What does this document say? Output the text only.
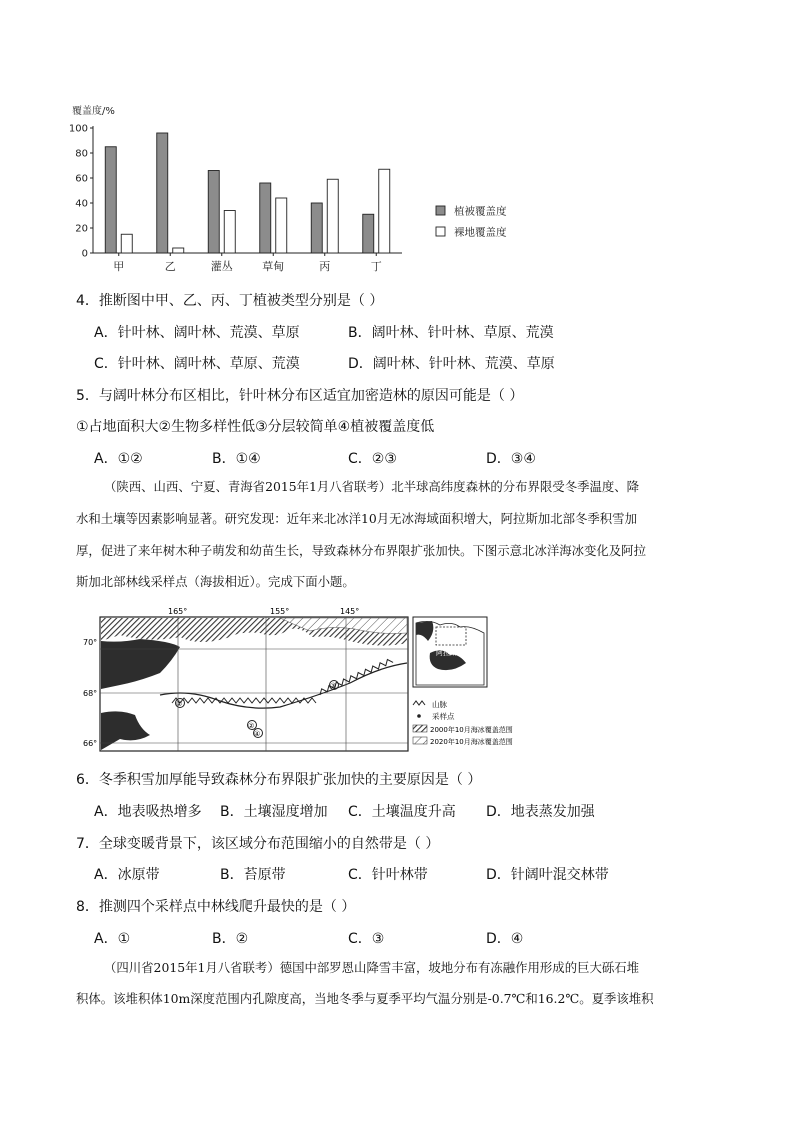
覆盖度/%
0
20
40
60
80
100
甲	乙	灌丛	草甸	丙	丁
植被覆盖度
裸地覆盖度
4．推断图中甲、乙、丙、丁植被类型分别是（ ）
A．针叶林、阔叶林、荒漠、草原	B．阔叶林、针叶林、草原、荒漠
C．针叶林、阔叶林、草原、荒漠	D．阔叶林、针叶林、荒漠、草原
5．与阔叶林分布区相比，针叶林分布区适宜加密造林的原因可能是（ ）
①占地面积大②生物多样性低③分层较简单④植被覆盖度低
A．①②	B．①④	C．②③	D．③④
（陕西、山西、宁夏、青海省2015年1月八省联考）北半球高纬度森林的分布界限受冬季温度、降
水和土壤等因素影响显著。研究发现：近年来北冰洋10月无冰海域面积增大，阿拉斯加北部冬季积雪加
厚，促进了来年树木种子萌发和幼苗生长，导致森林分布界限扩张加快。下图示意北冰洋海冰变化及阿拉
斯加北部林线采样点（海拔相近）。完成下面小题。
165°	155°	145°
①
②
③
④
70°
68°
66°
阿拉斯加
山脉
采样点
2000年10月海冰覆盖范围
2020年10月海冰覆盖范围
6．冬季积雪加厚能导致森林分布界限扩张加快的主要原因是（ ）
A．地表吸热增多 B．土壤湿度增加 C．土壤温度升高 D．地表蒸发加强
7．全球变暖背景下，该区域分布范围缩小的自然带是（ ）
A．冰原带	B．苔原带	C．针叶林带	D．针阔叶混交林带
8．推测四个采样点中林线爬升最快的是（ ）
A．①	B．②	C．③	D．④
（四川省2015年1月八省联考）德国中部罗恩山降雪丰富，坡地分布有冻融作用形成的巨大砾石堆
积体。该堆积体10m深度范围内孔隙度高，当地冬季与夏季平均气温分别是-0.7℃和16.2℃。夏季该堆积
